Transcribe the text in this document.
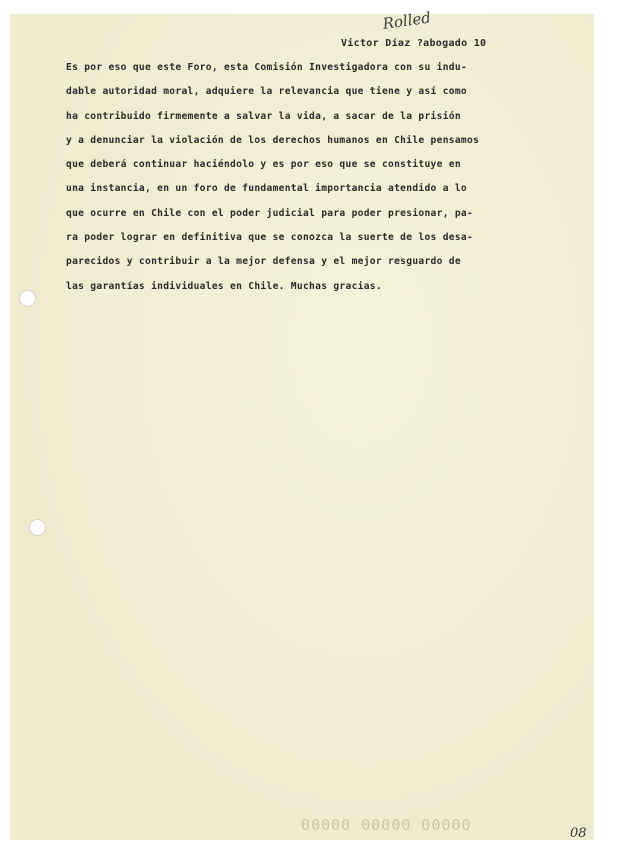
Rolled
Victor Díaz ?abogado 10
Es por eso que este Foro, esta Comisión Investigadora con su indu-
dable autoridad moral, adquiere la relevancia que tiene y así como
ha contribuido firmemente a salvar la vida, a sacar de la prisión
y a denunciar la violación de los derechos humanos en Chile pensamos
que deberá continuar haciéndolo y es por eso que se constituye en
una instancia, en un foro de fundamental importancia atendido a lo
que ocurre en Chile con el poder judicial para poder presionar, pa-
ra poder lograr en definitiva que se conozca la suerte de los desa-
parecidos y contribuir a la mejor defensa y el mejor resguardo de
las garantías individuales en Chile. Muchas gracias.
00000 00000 00000	08
